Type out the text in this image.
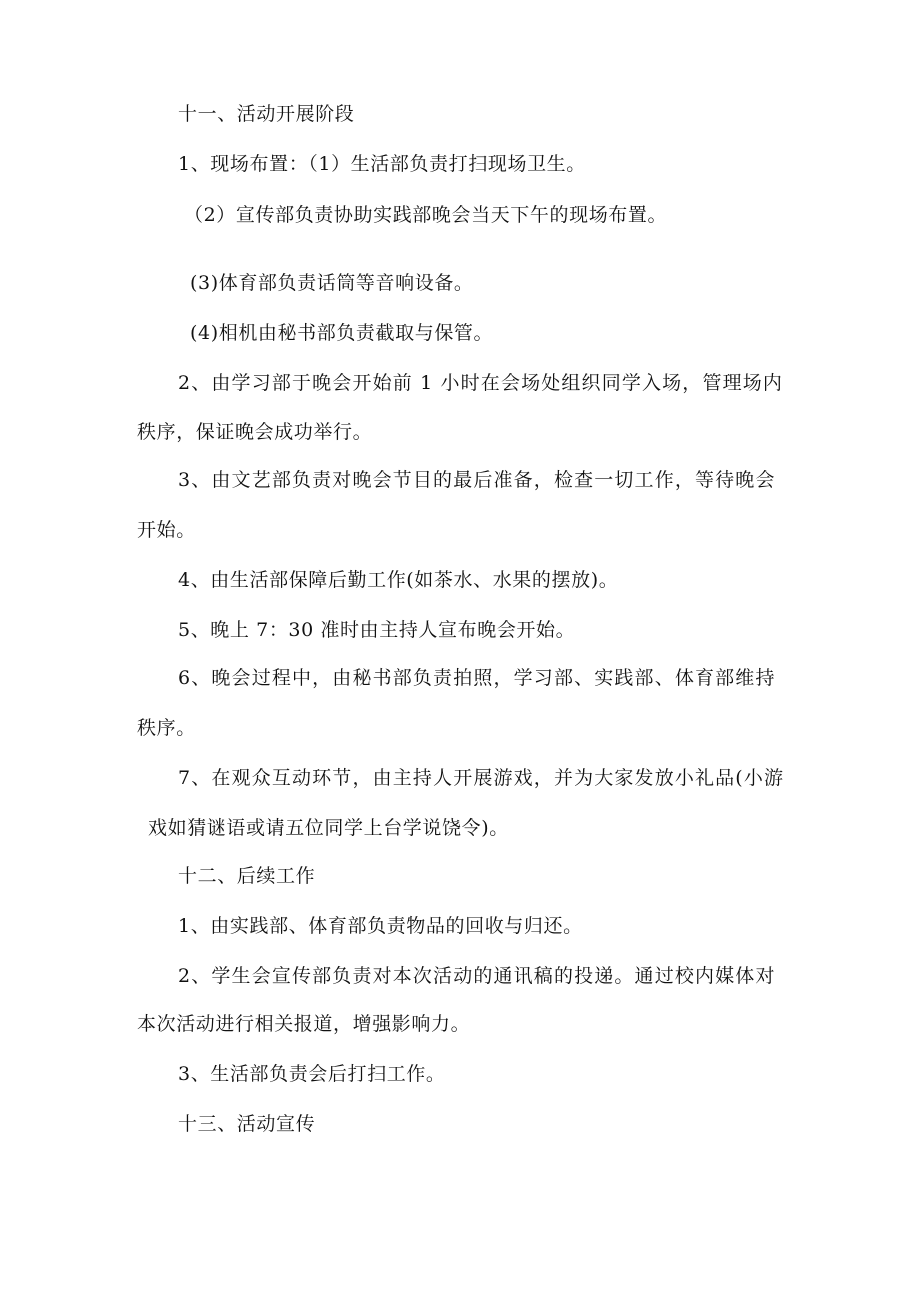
十一、活动开展阶段

1、现场布置：（1）生活部负责打扫现场卫生。

（2）宣传部负责协助实践部晚会当天下午的现场布置。

(3)体育部负责话筒等音响设备。

(4)相机由秘书部负责截取与保管。

2、由学习部于晚会开始前 1 小时在会场处组织同学入场，管理场内

秩序，保证晚会成功举行。

3、由文艺部负责对晚会节目的最后准备，检查一切工作，等待晚会

开始。

4、由生活部保障后勤工作(如茶水、水果的摆放)。

5、晚上 7：30 准时由主持人宣布晚会开始。

6、晚会过程中，由秘书部负责拍照，学习部、实践部、体育部维持

秩序。

7、在观众互动环节，由主持人开展游戏，并为大家发放小礼品(小游

戏如猜谜语或请五位同学上台学说饶令)。

十二、后续工作

1、由实践部、体育部负责物品的回收与归还。

2、学生会宣传部负责对本次活动的通讯稿的投递。通过校内媒体对

本次活动进行相关报道，增强影响力。

3、生活部负责会后打扫工作。

十三、活动宣传
